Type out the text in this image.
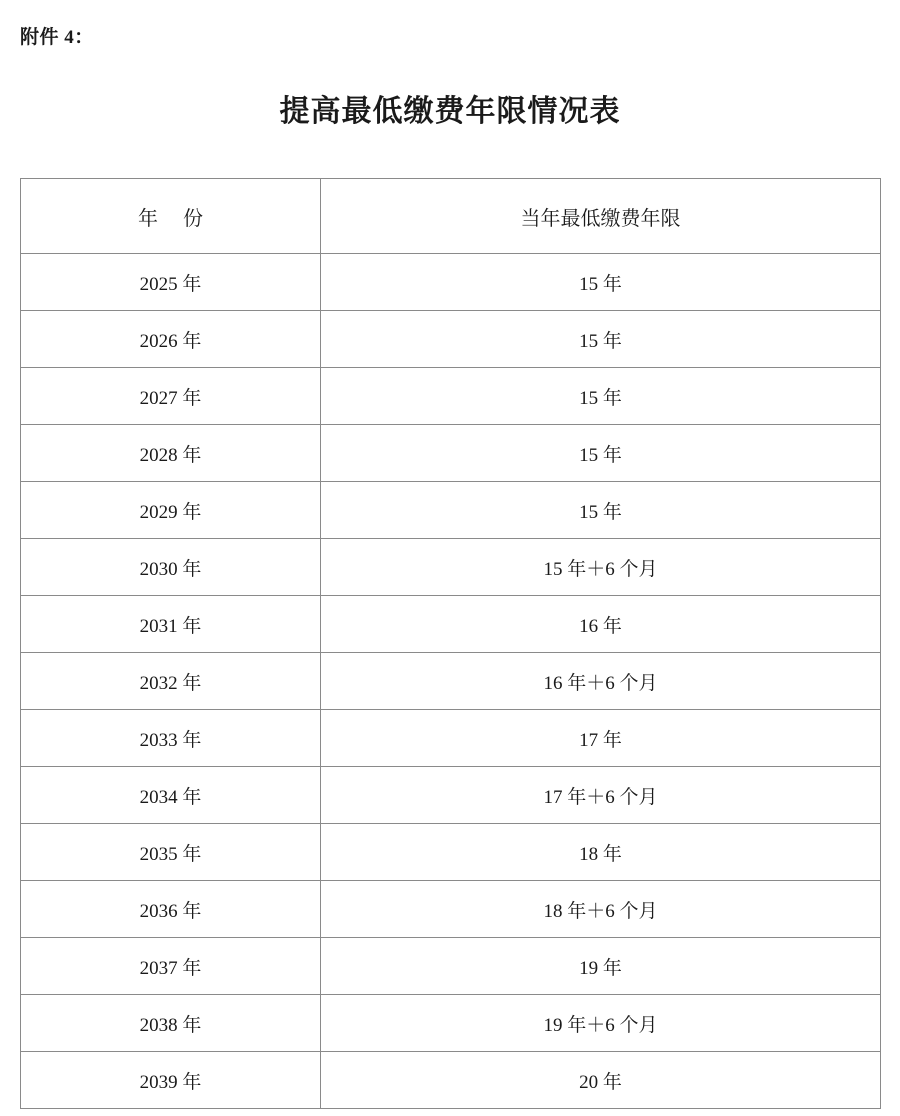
附件 4：
提高最低缴费年限情况表
年 份	当年最低缴费年限
2025 年	15 年
2026 年	15 年
2027 年	15 年
2028 年	15 年
2029 年	15 年
2030 年	15 年＋6 个月
2031 年	16 年
2032 年	16 年＋6 个月
2033 年	17 年
2034 年	17 年＋6 个月
2035 年	18 年
2036 年	18 年＋6 个月
2037 年	19 年
2038 年	19 年＋6 个月
2039 年	20 年
